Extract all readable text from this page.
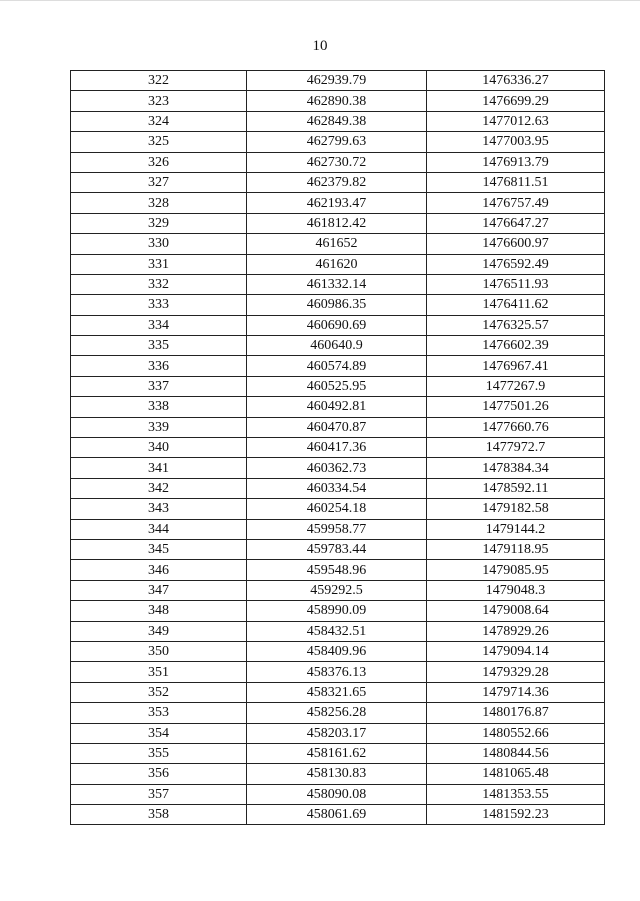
10
322	462939.79	1476336.27
323	462890.38	1476699.29
324	462849.38	1477012.63
325	462799.63	1477003.95
326	462730.72	1476913.79
327	462379.82	1476811.51
328	462193.47	1476757.49
329	461812.42	1476647.27
330	461652	1476600.97
331	461620	1476592.49
332	461332.14	1476511.93
333	460986.35	1476411.62
334	460690.69	1476325.57
335	460640.9	1476602.39
336	460574.89	1476967.41
337	460525.95	1477267.9
338	460492.81	1477501.26
339	460470.87	1477660.76
340	460417.36	1477972.7
341	460362.73	1478384.34
342	460334.54	1478592.11
343	460254.18	1479182.58
344	459958.77	1479144.2
345	459783.44	1479118.95
346	459548.96	1479085.95
347	459292.5	1479048.3
348	458990.09	1479008.64
349	458432.51	1478929.26
350	458409.96	1479094.14
351	458376.13	1479329.28
352	458321.65	1479714.36
353	458256.28	1480176.87
354	458203.17	1480552.66
355	458161.62	1480844.56
356	458130.83	1481065.48
357	458090.08	1481353.55
358	458061.69	1481592.23
